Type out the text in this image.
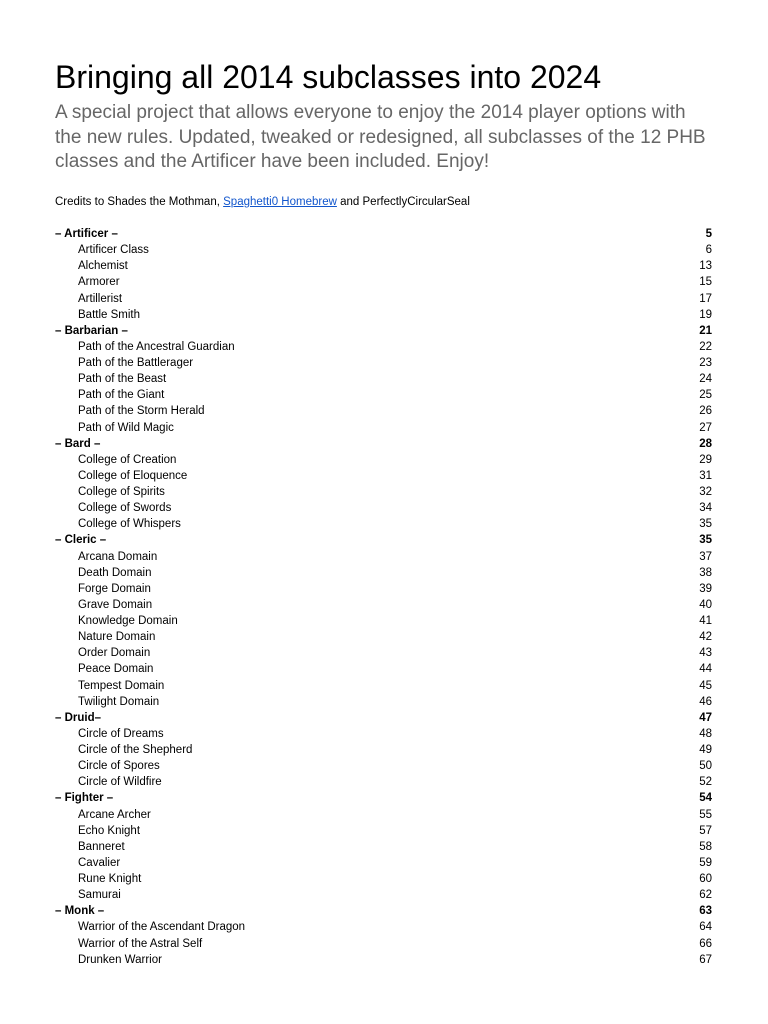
Bringing all 2014 subclasses into 2024

A special project that allows everyone to enjoy the 2014 player options with the new rules. Updated, tweaked or redesigned, all subclasses of the 12 PHB classes and the Artificer have been included. Enjoy!

Credits to Shades the Mothman, Spaghetti0 Homebrew and PerfectlyCircularSeal

– Artificer –	5
Artificer Class	6
Alchemist	13
Armorer	15
Artillerist	17
Battle Smith	19
– Barbarian –	21
Path of the Ancestral Guardian	22
Path of the Battlerager	23
Path of the Beast	24
Path of the Giant	25
Path of the Storm Herald	26
Path of Wild Magic	27
– Bard –	28
College of Creation	29
College of Eloquence	31
College of Spirits	32
College of Swords	34
College of Whispers	35
– Cleric –	35
Arcana Domain	37
Death Domain	38
Forge Domain	39
Grave Domain	40
Knowledge Domain	41
Nature Domain	42
Order Domain	43
Peace Domain	44
Tempest Domain	45
Twilight Domain	46
– Druid–	47
Circle of Dreams	48
Circle of the Shepherd	49
Circle of Spores	50
Circle of Wildfire	52
– Fighter –	54
Arcane Archer	55
Echo Knight	57
Banneret	58
Cavalier	59
Rune Knight	60
Samurai	62
– Monk –	63
Warrior of the Ascendant Dragon	64
Warrior of the Astral Self	66
Drunken Warrior	67
